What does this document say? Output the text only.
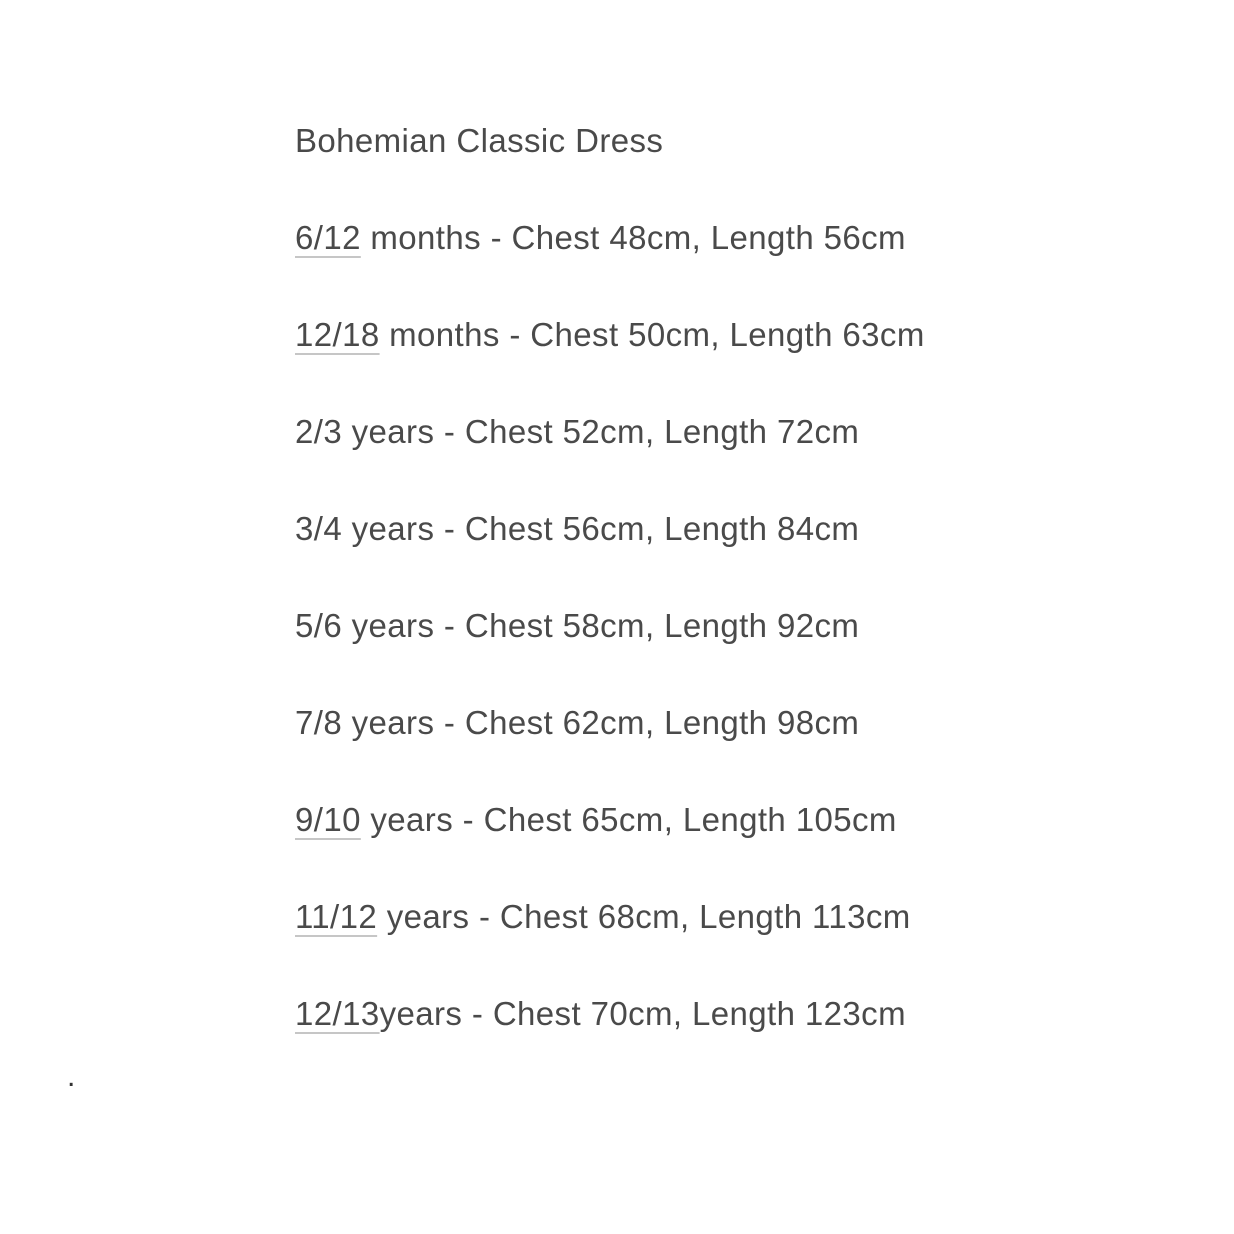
Bohemian Classic Dress
6/12 months - Chest 48cm, Length 56cm
12/18 months - Chest 50cm, Length 63cm
2/3 years - Chest 52cm, Length 72cm
3/4 years - Chest 56cm, Length 84cm
5/6 years - Chest 58cm, Length 92cm
7/8 years - Chest 62cm, Length 98cm
9/10 years - Chest 65cm, Length 105cm
11/12 years - Chest 68cm, Length 113cm
12/13years - Chest 70cm, Length 123cm
.
